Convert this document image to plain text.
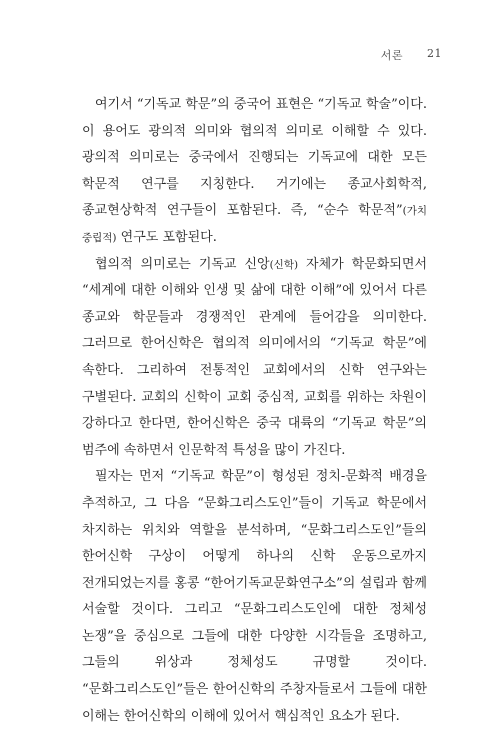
서론 21

여기서 “기독교 학문”의 중국어 표현은 “기독교 학술”이다. 이 용어도 광의적 의미와 협의적 의미로 이해할 수 있다. 광의적 의미로는 중국에서 진행되는 기독교에 대한 모든 학문적 연구를 지칭한다. 거기에는 종교사회학적, 종교현상학적 연구들이 포함된다. 즉, “순수 학문적”(가치 중립적) 연구도 포함된다.

협의적 의미로는 기독교 신앙(신학) 자체가 학문화되면서 “세계에 대한 이해와 인생 및 삶에 대한 이해”에 있어서 다른 종교와 학문들과 경쟁적인 관계에 들어감을 의미한다. 그러므로 한어신학은 협의적 의미에서의 “기독교 학문”에 속한다. 그리하여 전통적인 교회에서의 신학 연구와는 구별된다. 교회의 신학이 교회 중심적, 교회를 위하는 차원이 강하다고 한다면, 한어신학은 중국 대륙의 “기독교 학문”의 범주에 속하면서 인문학적 특성을 많이 가진다.

필자는 먼저 “기독교 학문”이 형성된 정치-문화적 배경을 추적하고, 그 다음 “문화그리스도인”들이 기독교 학문에서 차지하는 위치와 역할을 분석하며, “문화그리스도인”들의 한어신학 구상이 어떻게 하나의 신학 운동으로까지 전개되었는지를 홍콩 “한어기독교문화연구소”의 설립과 함께 서술할 것이다. 그리고 “문화그리스도인에 대한 정체성 논쟁”을 중심으로 그들에 대한 다양한 시각들을 조명하고, 그들의 위상과 정체성도 규명할 것이다. “문화그리스도인”들은 한어신학의 주창자들로서 그들에 대한 이해는 한어신학의 이해에 있어서 핵심적인 요소가 된다.
